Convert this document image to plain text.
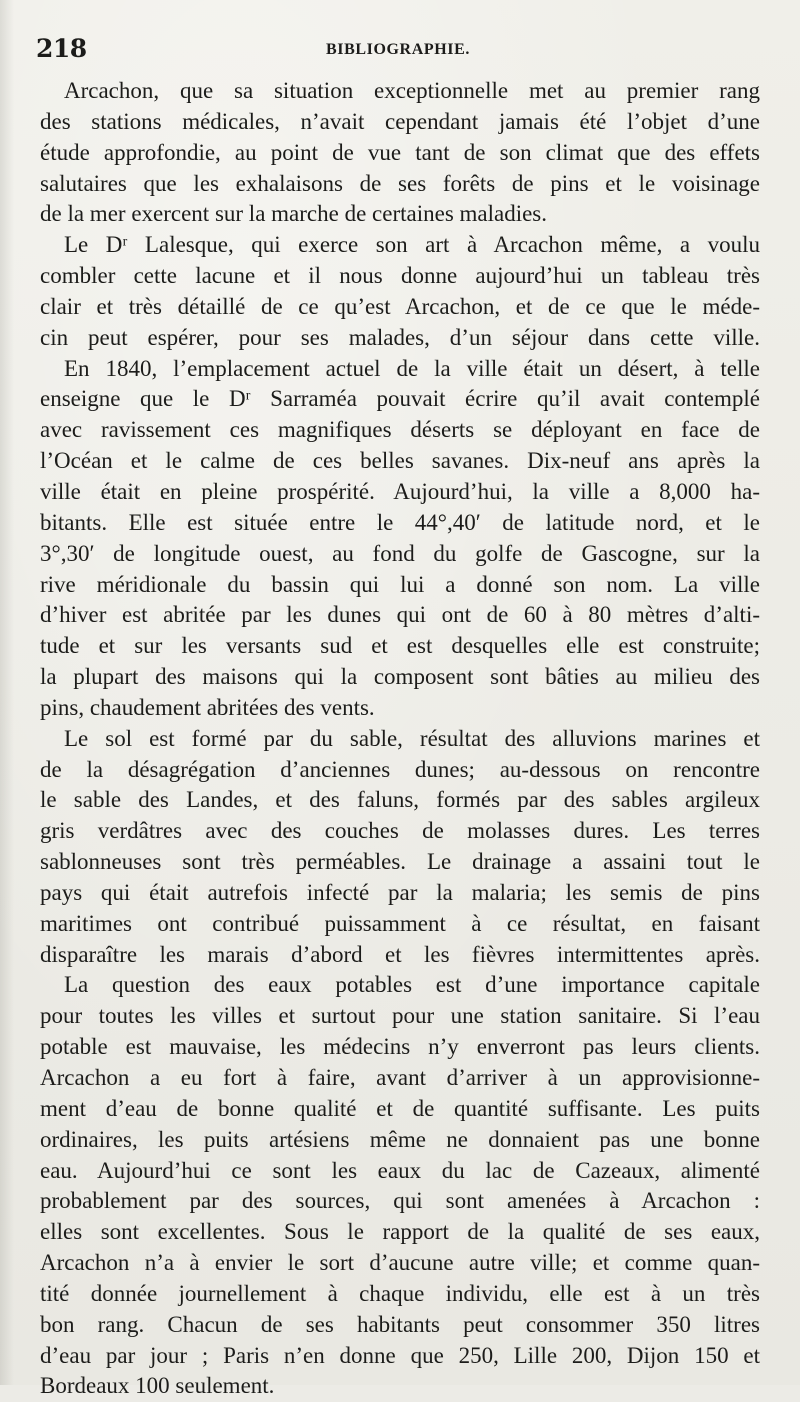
218	BIBLIOGRAPHIE.
Arcachon, que sa situation exceptionnelle met au premier rang
des stations médicales, n’avait cependant jamais été l’objet d’une
étude approfondie, au point de vue tant de son climat que des effets
salutaires que les exhalaisons de ses forêts de pins et le voisinage
de la mer exercent sur la marche de certaines maladies.
Le Dʳ Lalesque, qui exerce son art à Arcachon même, a voulu
combler cette lacune et il nous donne aujourd’hui un tableau très
clair et très détaillé de ce qu’est Arcachon, et de ce que le méde-
cin peut espérer, pour ses malades, d’un séjour dans cette ville.
En 1840, l’emplacement actuel de la ville était un désert, à telle
enseigne que le Dʳ Sarraméa pouvait écrire qu’il avait contemplé
avec ravissement ces magnifiques déserts se déployant en face de
l’Océan et le calme de ces belles savanes. Dix-neuf ans après la
ville était en pleine prospérité. Aujourd’hui, la ville a 8,000 ha-
bitants. Elle est située entre le 44°,40′ de latitude nord, et le
3°,30′ de longitude ouest, au fond du golfe de Gascogne, sur la
rive méridionale du bassin qui lui a donné son nom. La ville
d’hiver est abritée par les dunes qui ont de 60 à 80 mètres d’alti-
tude et sur les versants sud et est desquelles elle est construite;
la plupart des maisons qui la composent sont bâties au milieu des
pins, chaudement abritées des vents.
Le sol est formé par du sable, résultat des alluvions marines et
de la désagrégation d’anciennes dunes; au-dessous on rencontre
le sable des Landes, et des faluns, formés par des sables argileux
gris verdâtres avec des couches de molasses dures. Les terres
sablonneuses sont très perméables. Le drainage a assaini tout le
pays qui était autrefois infecté par la malaria; les semis de pins
maritimes ont contribué puissamment à ce résultat, en faisant
disparaître les marais d’abord et les fièvres intermittentes après.
La question des eaux potables est d’une importance capitale
pour toutes les villes et surtout pour une station sanitaire. Si l’eau
potable est mauvaise, les médecins n’y enverront pas leurs clients.
Arcachon a eu fort à faire, avant d’arriver à un approvisionne-
ment d’eau de bonne qualité et de quantité suffisante. Les puits
ordinaires, les puits artésiens même ne donnaient pas une bonne
eau. Aujourd’hui ce sont les eaux du lac de Cazeaux, alimenté
probablement par des sources, qui sont amenées à Arcachon :
elles sont excellentes. Sous le rapport de la qualité de ses eaux,
Arcachon n’a à envier le sort d’aucune autre ville; et comme quan-
tité donnée journellement à chaque individu, elle est à un très
bon rang. Chacun de ses habitants peut consommer 350 litres
d’eau par jour ; Paris n’en donne que 250, Lille 200, Dijon 150 et
Bordeaux 100 seulement.
